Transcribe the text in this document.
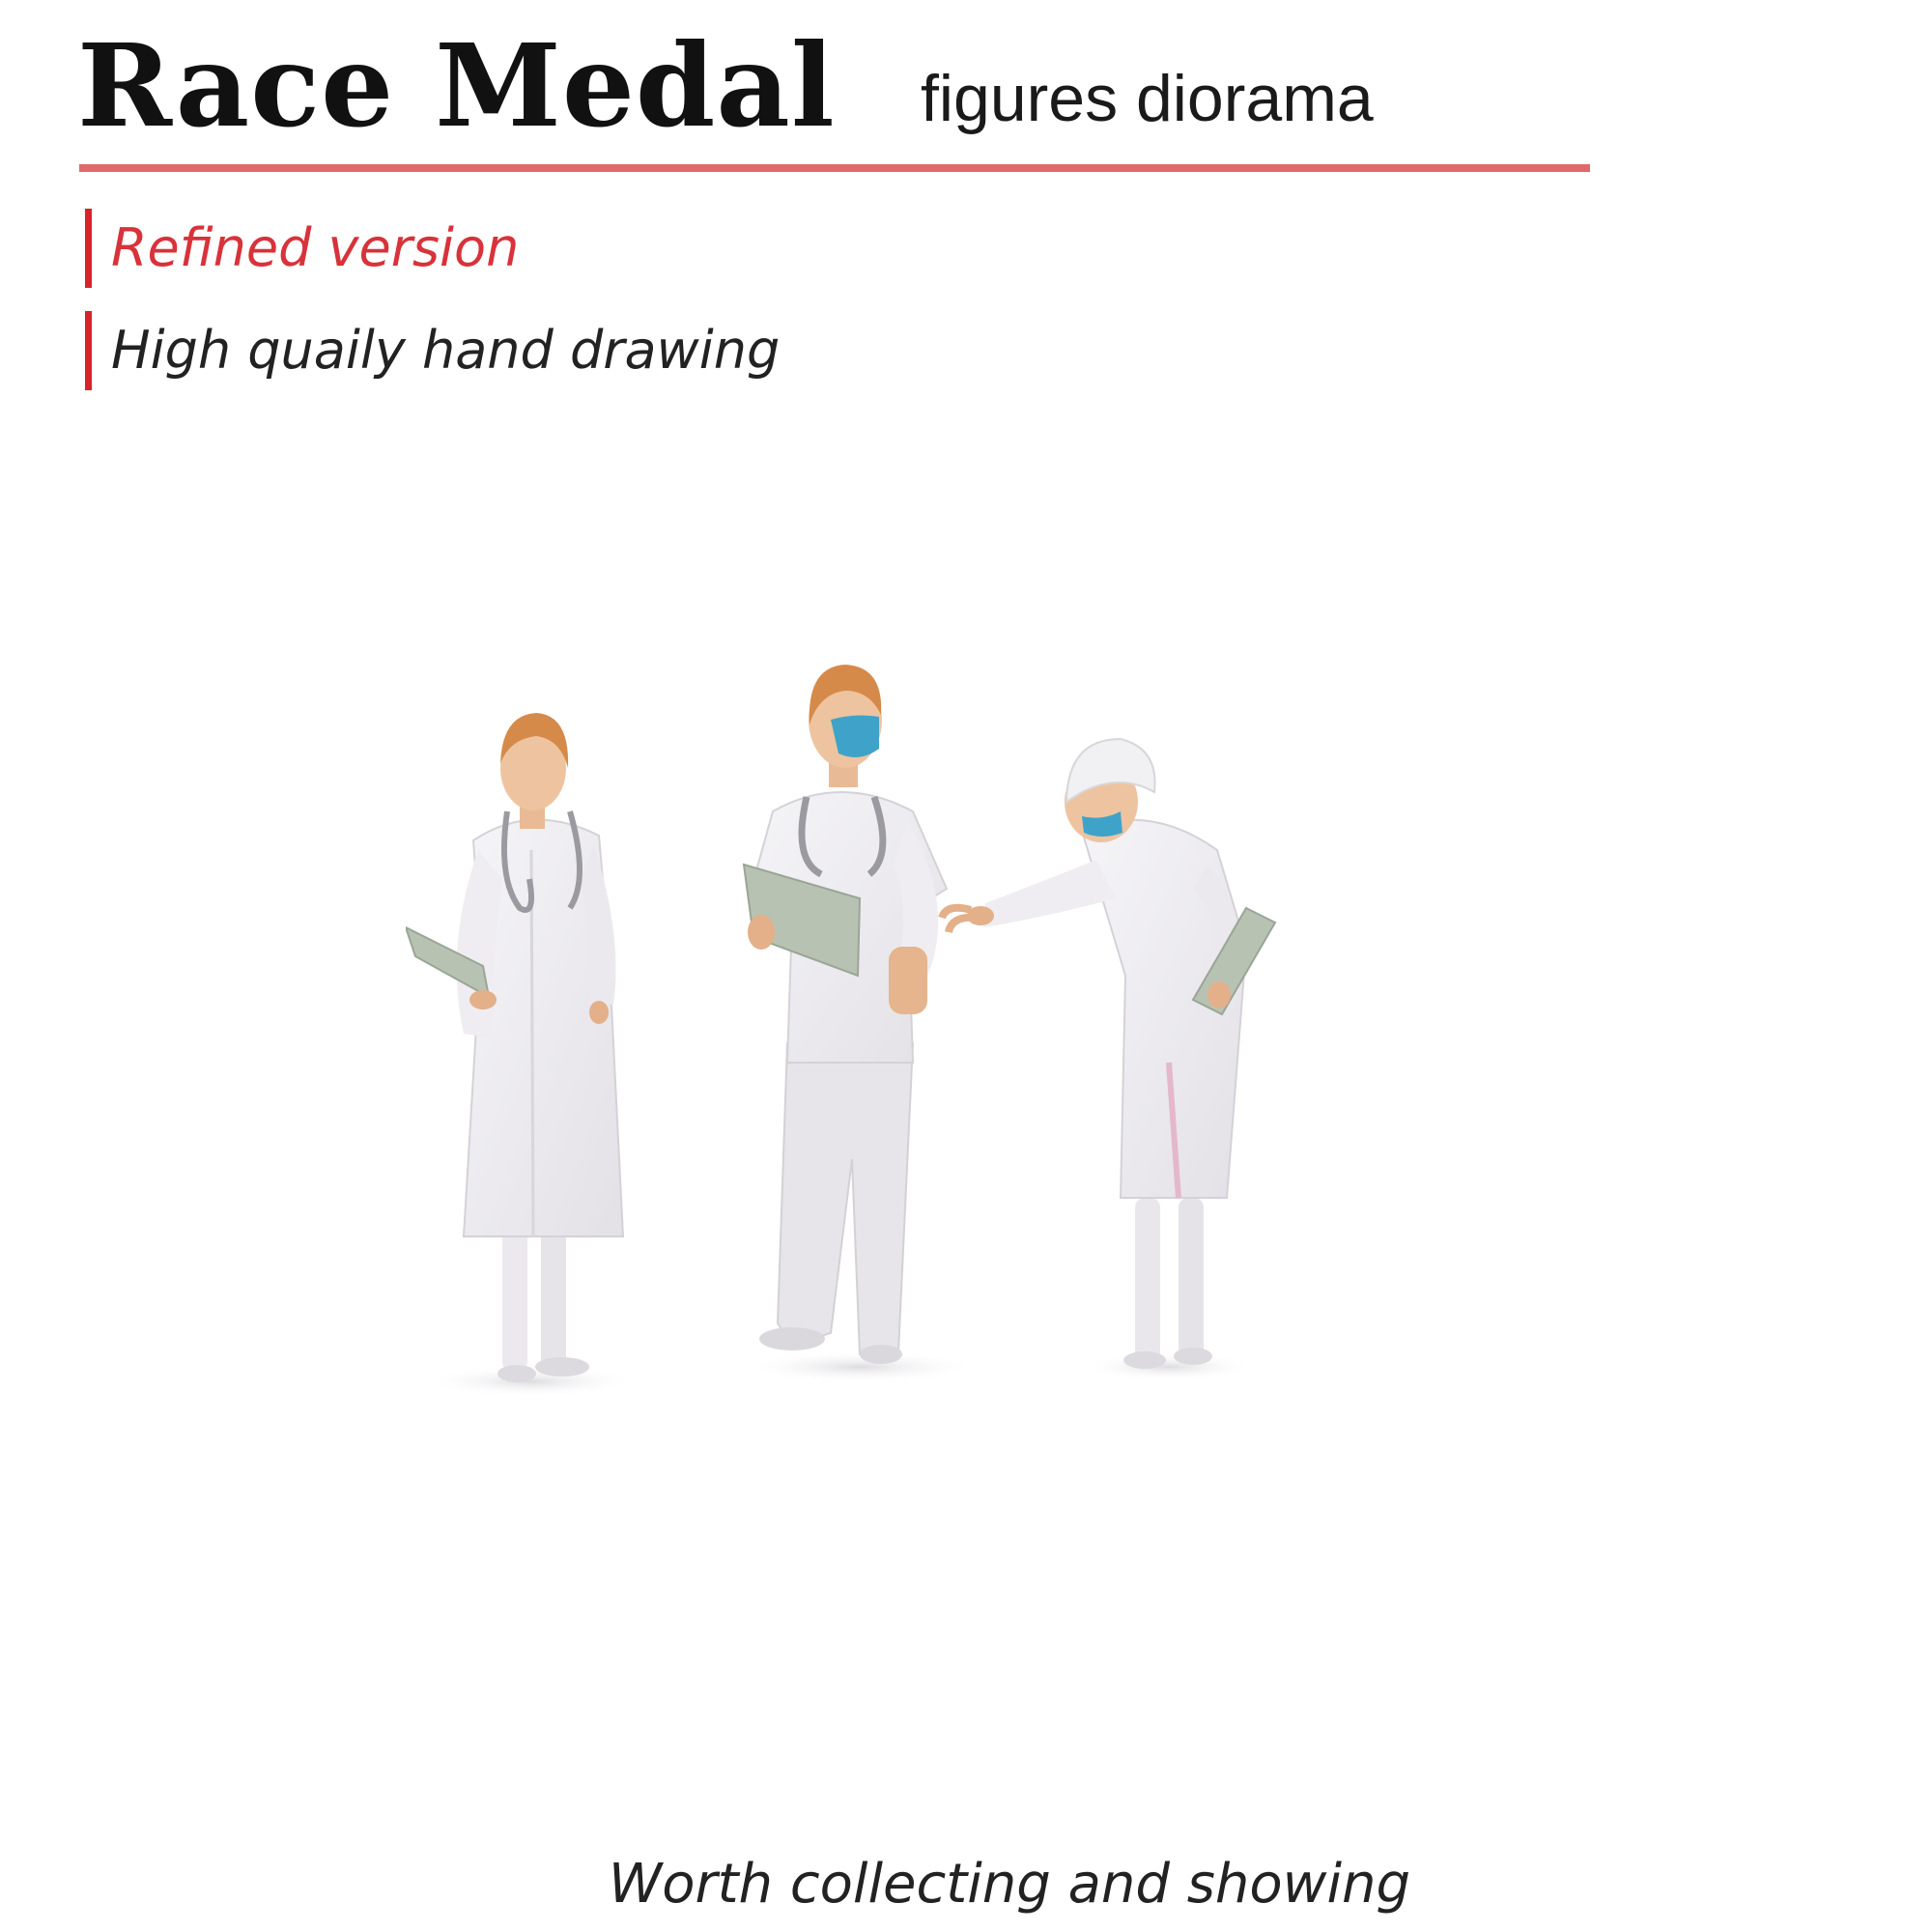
Race Medal figures diorama
Refined version
High quaily hand drawing
Worth collecting and showing
